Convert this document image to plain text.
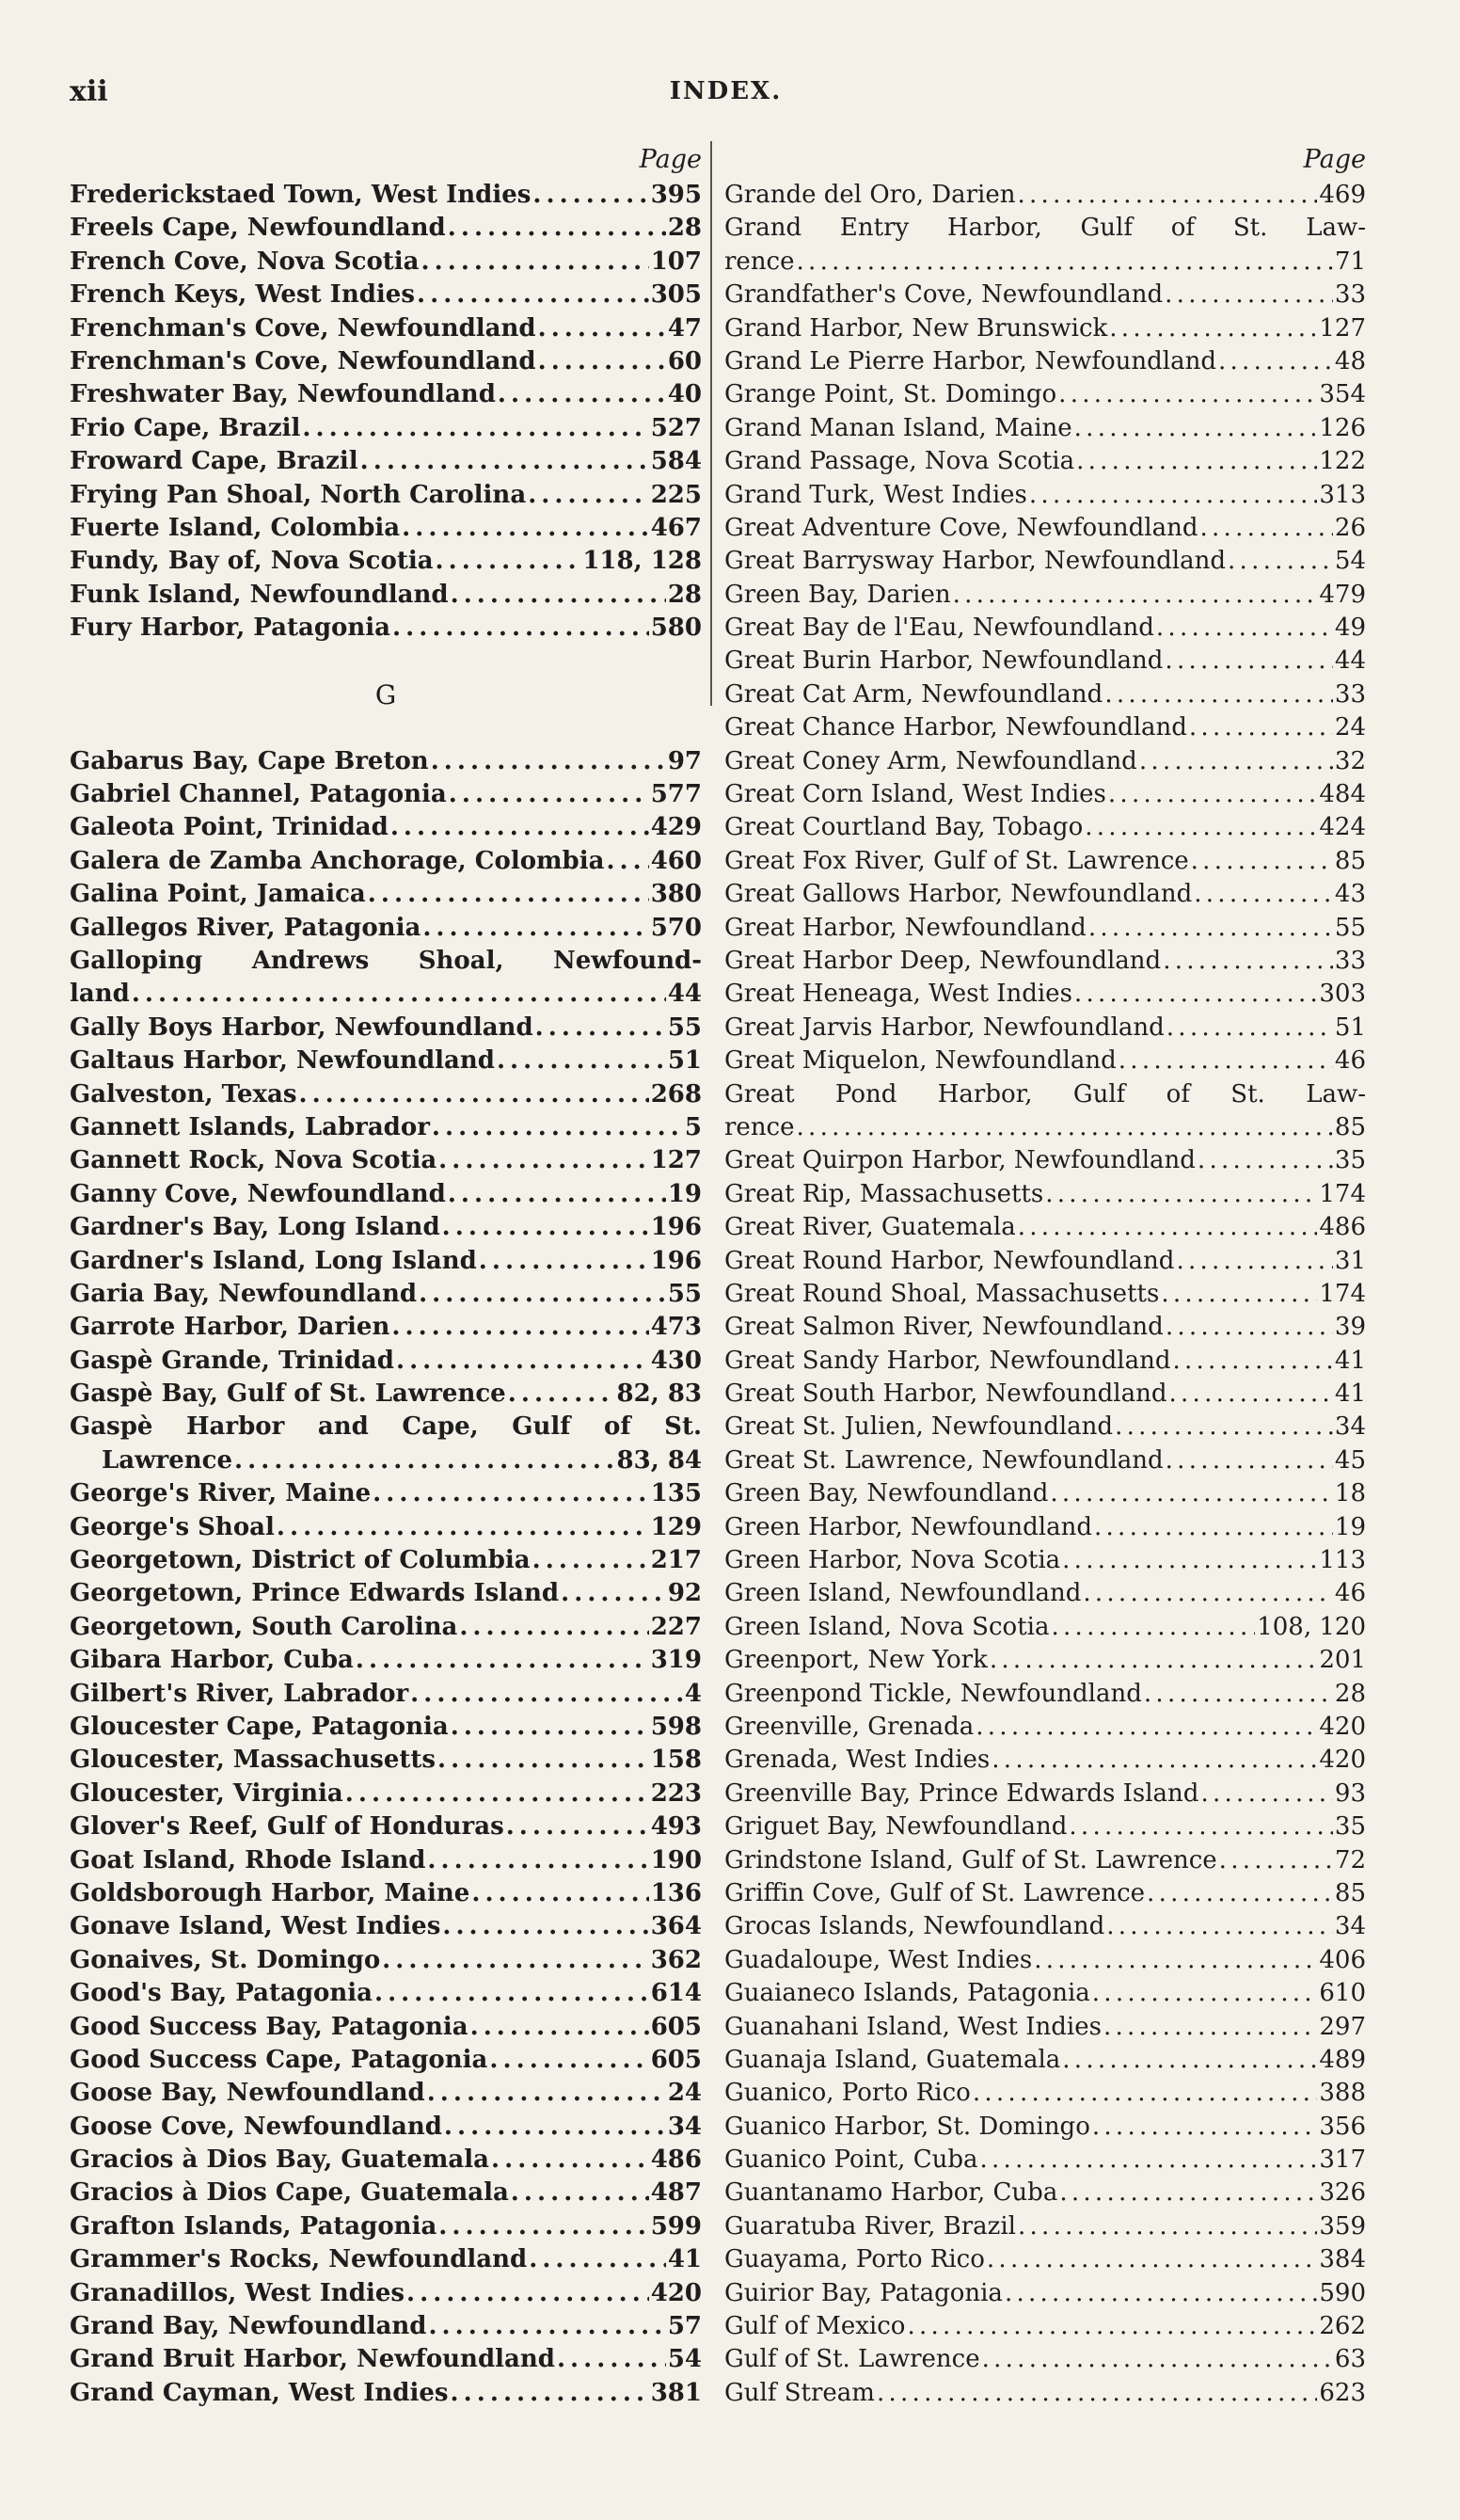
xii	INDEX.
Page
Frederickstaed Town, West Indies . . .	395
Freels Cape, Newfoundland . . .	28
French Cove, Nova Scotia . . .	107
French Keys, West Indies . . .	305
Frenchman's Cove, Newfoundland . . .	47
Frenchman's Cove, Newfoundland . . .	60
Freshwater Bay, Newfoundland . . .	40
Frio Cape, Brazil . . .	527
Froward Cape, Brazil . . .	584
Frying Pan Shoal, North Carolina . . .	225
Fuerte Island, Colombia . . .	467
Fundy, Bay of, Nova Scotia . . .	118, 128
Funk Island, Newfoundland . . .	28
Fury Harbor, Patagonia . . .	580
G
Gabarus Bay, Cape Breton . . .	97
Gabriel Channel, Patagonia . . .	577
Galeota Point, Trinidad . . .	429
Galera de Zamba Anchorage, Colombia . . . 460
Galina Point, Jamaica . . .	380
Gallegos River, Patagonia . . .	570
Galloping Andrews Shoal, Newfound-
land . . .	44
Gally Boys Harbor, Newfoundland . . .	55
Galtaus Harbor, Newfoundland . . .	51
Galveston, Texas . . .	268
Gannett Islands, Labrador . . .	5
Gannett Rock, Nova Scotia . . .	127
Ganny Cove, Newfoundland . . .	19
Gardner's Bay, Long Island . . .	196
Gardner's Island, Long Island . . .	196
Garia Bay, Newfoundland . . .	55
Garrote Harbor, Darien . . .	473
Gaspè Grande, Trinidad . . .	430
Gaspè Bay, Gulf of St. Lawrence . . .	82, 83
Gaspè Harbor and Cape, Gulf of St.
Lawrence . . .	83, 84
George's River, Maine . . .	135
George's Shoal . . .	129
Georgetown, District of Columbia . . .	217
Georgetown, Prince Edwards Island . . .	92
Georgetown, South Carolina . . .	227
Gibara Harbor, Cuba . . .	319
Gilbert's River, Labrador . . .	4
Gloucester Cape, Patagonia . . .	598
Gloucester, Massachusetts . . .	158
Gloucester, Virginia . . .	223
Glover's Reef, Gulf of Honduras . . .	493
Goat Island, Rhode Island . . .	190
Goldsborough Harbor, Maine . . .	136
Gonave Island, West Indies . . .	364
Gonaives, St. Domingo . . .	362
Good's Bay, Patagonia . . .	614
Good Success Bay, Patagonia . . .	605
Good Success Cape, Patagonia . . .	605
Goose Bay, Newfoundland . . .	24
Goose Cove, Newfoundland . . .	34
Gracios à Dios Bay, Guatemala . . .	486
Gracios à Dios Cape, Guatemala . . .	487
Grafton Islands, Patagonia . . .	599
Grammer's Rocks, Newfoundland . . .	41
Granadillos, West Indies . . .	420
Grand Bay, Newfoundland . . .	57
Grand Bruit Harbor, Newfoundland . . .	54
Grand Cayman, West Indies . . .	381
Page
Grande del Oro, Darien . . .	469
Grand Entry Harbor, Gulf of St. Law-
rence . . .	71
Grandfather's Cove, Newfoundland . . .	33
Grand Harbor, New Brunswick . . .	127
Grand Le Pierre Harbor, Newfoundland . . .	48
Grange Point, St. Domingo . . .	354
Grand Manan Island, Maine . . .	126
Grand Passage, Nova Scotia . . .	122
Grand Turk, West Indies . . .	313
Great Adventure Cove, Newfoundland . . .	26
Great Barrysway Harbor, Newfoundland . . .	54
Green Bay, Darien . . .	479
Great Bay de l'Eau, Newfoundland . . .	49
Great Burin Harbor, Newfoundland . . .	44
Great Cat Arm, Newfoundland . . .	33
Great Chance Harbor, Newfoundland . . .	24
Great Coney Arm, Newfoundland . . .	32
Great Corn Island, West Indies . . .	484
Great Courtland Bay, Tobago . . .	424
Great Fox River, Gulf of St. Lawrence . . .	85
Great Gallows Harbor, Newfoundland . . .	43
Great Harbor, Newfoundland . . .	55
Great Harbor Deep, Newfoundland . . .	33
Great Heneaga, West Indies . . .	303
Great Jarvis Harbor, Newfoundland . . .	51
Great Miquelon, Newfoundland . . .	46
Great Pond Harbor, Gulf of St. Law-
rence . . .	85
Great Quirpon Harbor, Newfoundland . . .	35
Great Rip, Massachusetts . . .	174
Great River, Guatemala . . .	486
Great Round Harbor, Newfoundland . . .	31
Great Round Shoal, Massachusetts . . .	174
Great Salmon River, Newfoundland . . .	39
Great Sandy Harbor, Newfoundland . . .	41
Great South Harbor, Newfoundland . . .	41
Great St. Julien, Newfoundland . . .	34
Great St. Lawrence, Newfoundland . . .	45
Green Bay, Newfoundland . . .	18
Green Harbor, Newfoundland . . .	19
Green Harbor, Nova Scotia . . .	113
Green Island, Newfoundland . . .	46
Green Island, Nova Scotia . . .	108, 120
Greenport, New York . . .	201
Greenpond Tickle, Newfoundland . . .	28
Greenville, Grenada . . .	420
Grenada, West Indies . . .	420
Greenville Bay, Prince Edwards Island . . .	93
Griguet Bay, Newfoundland . . .	35
Grindstone Island, Gulf of St. Lawrence . . .	72
Griffin Cove, Gulf of St. Lawrence . . .	85
Grocas Islands, Newfoundland . . .	34
Guadaloupe, West Indies . . .	406
Guaianeco Islands, Patagonia . . .	610
Guanahani Island, West Indies . . .	297
Guanaja Island, Guatemala . . .	489
Guanico, Porto Rico . . .	388
Guanico Harbor, St. Domingo . . .	356
Guanico Point, Cuba . . .	317
Guantanamo Harbor, Cuba . . .	326
Guaratuba River, Brazil . . .	359
Guayama, Porto Rico . . .	384
Guirior Bay, Patagonia . . .	590
Gulf of Mexico . . .	262
Gulf of St. Lawrence . . .	63
Gulf Stream . . .	623
